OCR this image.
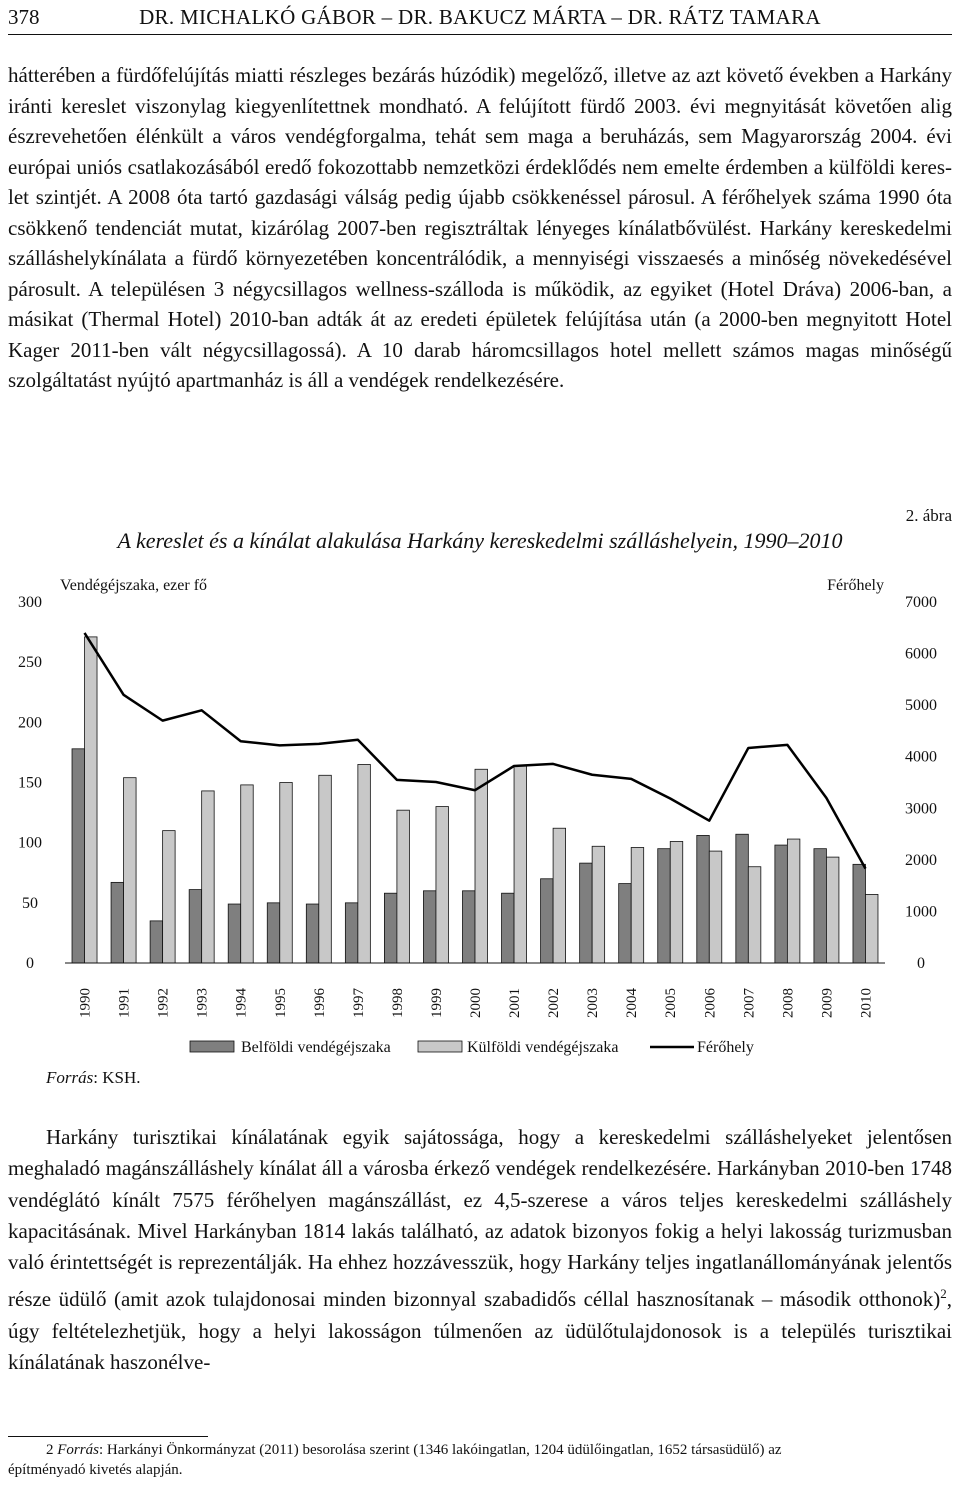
378	DR. MICHALKÓ GÁBOR – DR. BAKUCZ MÁRTA – DR. RÁTZ TAMARA

hátterében a fürdőfelújítás miatti részleges bezárás húzódik) megelőző, illetve az azt követő években a Harkány iránti kereslet viszonylag kiegyenlítettnek mondható. A felújított fürdő 2003. évi megnyitását követően alig észrevehetően élénkült a város vendégforgalma, tehát sem maga a beruházás, sem Magyarország 2004. évi európai uniós csatlakozásából eredő fokozottabb nemzetközi érdeklődés nem emelte érdemben a külföldi kereslet szintjét. A 2008 óta tartó gazdasági válság pedig újabb csökkenéssel párosul. A férőhelyek száma 1990 óta csökkenő tendenciát mutat, kizárólag 2007-ben regisztráltak lényeges kínálatbővülést. Harkány kereskedelmi szálláshelykínálata a fürdő környezetében koncentrálódik, a mennyiségi visszaesés a minőség növekedésével párosult. A településen 3 négycsillagos wellness-szálloda is működik, az egyiket (Hotel Dráva) 2006-ban, a másikat (Thermal Hotel) 2010-ban adták át az eredeti épületek felújítása után (a 2000-ben megnyitott Hotel Kager 2011-ben vált négycsillagossá). A 10 darab háromcsillagos hotel mellett számos magas minőségű szolgáltatást nyújtó apartmanház is áll a vendégek rendelkezésére.

2. ábra
A kereslet és a kínálat alakulása Harkány kereskedelmi szálláshelyein, 1990–2010
Vendégéjszaka, ezer fő	Férőhely
0
50
100
150
200
250
300
0
1000
2000
3000
4000
5000
6000
7000
1990 1991 1992 1993 1994 1995 1996 1997 1998 1999 2000 2001 2002 2003 2004 2005 2006 2007 2008 2009 2010
Belföldi vendégéjszaka	Külföldi vendégéjszaka	Férőhely
Forrás: KSH.

Harkány turisztikai kínálatának egyik sajátossága, hogy a kereskedelmi szálláshelyeket jelentősen meghaladó magánszálláshely kínálat áll a városba érkező vendégek rendelkezésére. Harkányban 2010-ben 1748 vendéglátó kínált 7575 férőhelyen magánszállást, ez 4,5-szerese a város teljes kereskedelmi szálláshely kapacitásának. Mivel Harkányban 1814 lakás található, az adatok bizonyos fokig a helyi lakosság turizmusban való érintettségét is reprezentálják. Ha ehhez hozzávesszük, hogy Harkány teljes ingatlanállományának jelentős része üdülő (amit azok tulajdonosai minden bizonnyal szabadidős céllal hasznosítanak – második otthonok)$^2$, úgy feltételezhetjük, hogy a helyi lakosságon túlmenően az üdülőtulajdonosok is a település turisztikai kínálatának haszonélve-

2 Forrás: Harkányi Önkormányzat (2011) besorolása szerint (1346 lakóingatlan, 1204 üdülőingatlan, 1652 társasüdülő) az
építményadó kivetés alapján.
